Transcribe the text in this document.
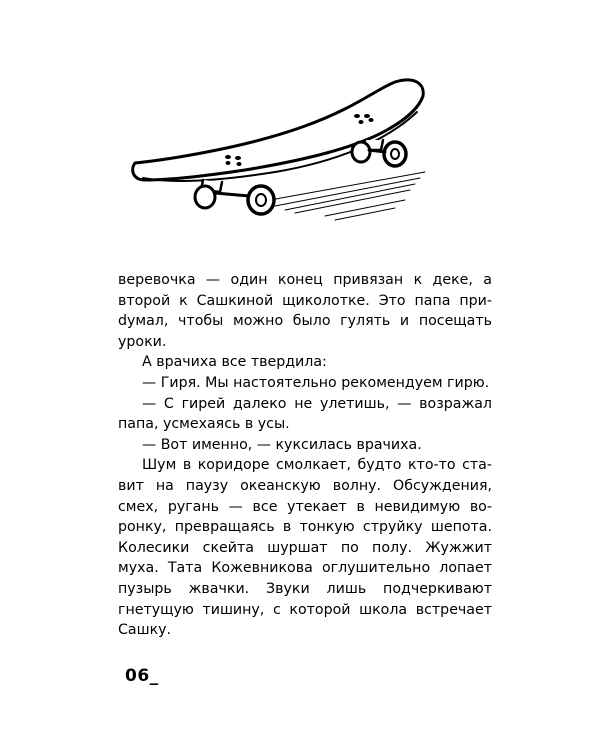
веревочка — один конец привязан к деке, а второй к Сашкиной щиколотке. Это папа приdумал, чтобы можно было гулять и посещать уроки.

А врачиха все твердила:

— Гиря. Мы настоятельно рекомендуем гирю.

— С гирей далеко не улетишь, — возражал папа, усмехаясь в усы.

— Вот именно, — куксилась врачиха.

Шум в коридоре смолкает, будто кто-то ставит на паузу океанскую волну. Обсуждения, смех, ругань — все утекает в невидимую воронку, превращаясь в тонкую струйку шепота. Колесики скейта шуршат по полу. Жужжит муха. Тата Кожевникова оглушительно лопает пузырь жвачки. Звуки лишь подчеркивают гнетущую тишину, с которой школа встречает Сашку.

06_
